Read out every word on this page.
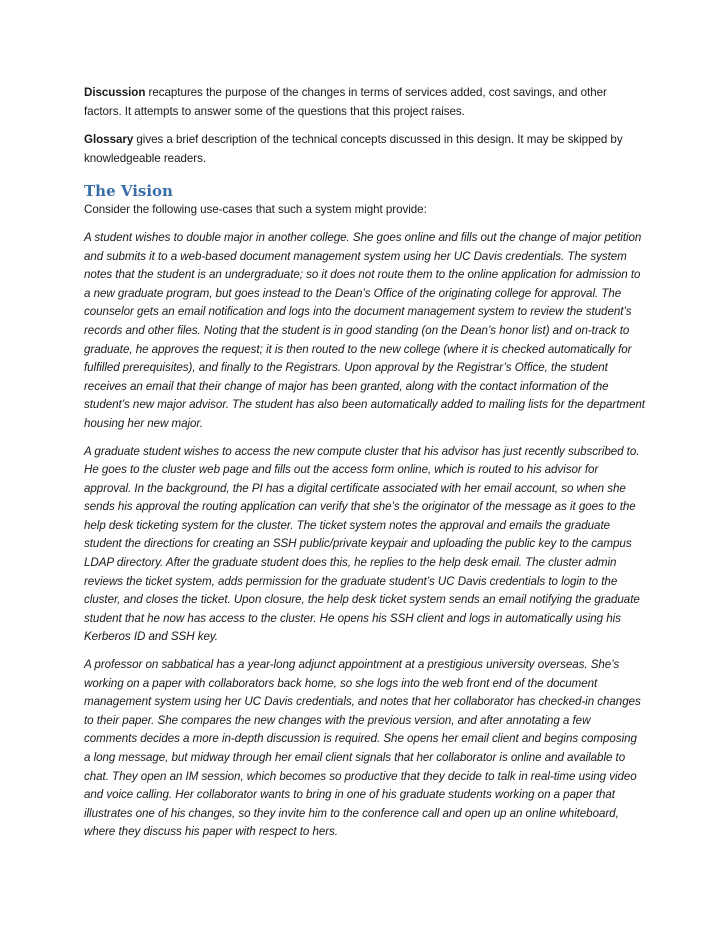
Discussion recaptures the purpose of the changes in terms of services added, cost savings, and other factors. It attempts to answer some of the questions that this project raises.

Glossary gives a brief description of the technical concepts discussed in this design. It may be skipped by knowledgeable readers.

The Vision

Consider the following use-cases that such a system might provide:

A student wishes to double major in another college. She goes online and fills out the change of major petition and submits it to a web-based document management system using her UC Davis credentials. The system notes that the student is an undergraduate; so it does not route them to the online application for admission to a new graduate program, but goes instead to the Dean’s Office of the originating college for approval. The counselor gets an email notification and logs into the document management system to review the student’s records and other files. Noting that the student is in good standing (on the Dean’s honor list) and on-track to graduate, he approves the request; it is then routed to the new college (where it is checked automatically for fulfilled prerequisites), and finally to the Registrars. Upon approval by the Registrar’s Office, the student receives an email that their change of major has been granted, along with the contact information of the student’s new major advisor. The student has also been automatically added to mailing lists for the department housing her new major.

A graduate student wishes to access the new compute cluster that his advisor has just recently subscribed to. He goes to the cluster web page and fills out the access form online, which is routed to his advisor for approval. In the background, the PI has a digital certificate associated with her email account, so when she sends his approval the routing application can verify that she’s the originator of the message as it goes to the help desk ticketing system for the cluster. The ticket system notes the approval and emails the graduate student the directions for creating an SSH public/private keypair and uploading the public key to the campus LDAP directory. After the graduate student does this, he replies to the help desk email. The cluster admin reviews the ticket system, adds permission for the graduate student’s UC Davis credentials to login to the cluster, and closes the ticket. Upon closure, the help desk ticket system sends an email notifying the graduate student that he now has access to the cluster. He opens his SSH client and logs in automatically using his Kerberos ID and SSH key.

A professor on sabbatical has a year-long adjunct appointment at a prestigious university overseas. She’s working on a paper with collaborators back home, so she logs into the web front end of the document management system using her UC Davis credentials, and notes that her collaborator has checked-in changes to their paper. She compares the new changes with the previous version, and after annotating a few comments decides a more in-depth discussion is required. She opens her email client and begins composing a long message, but midway through her email client signals that her collaborator is online and available to chat. They open an IM session, which becomes so productive that they decide to talk in real-time using video and voice calling. Her collaborator wants to bring in one of his graduate students working on a paper that illustrates one of his changes, so they invite him to the conference call and open up an online whiteboard, where they discuss his paper with respect to hers.
